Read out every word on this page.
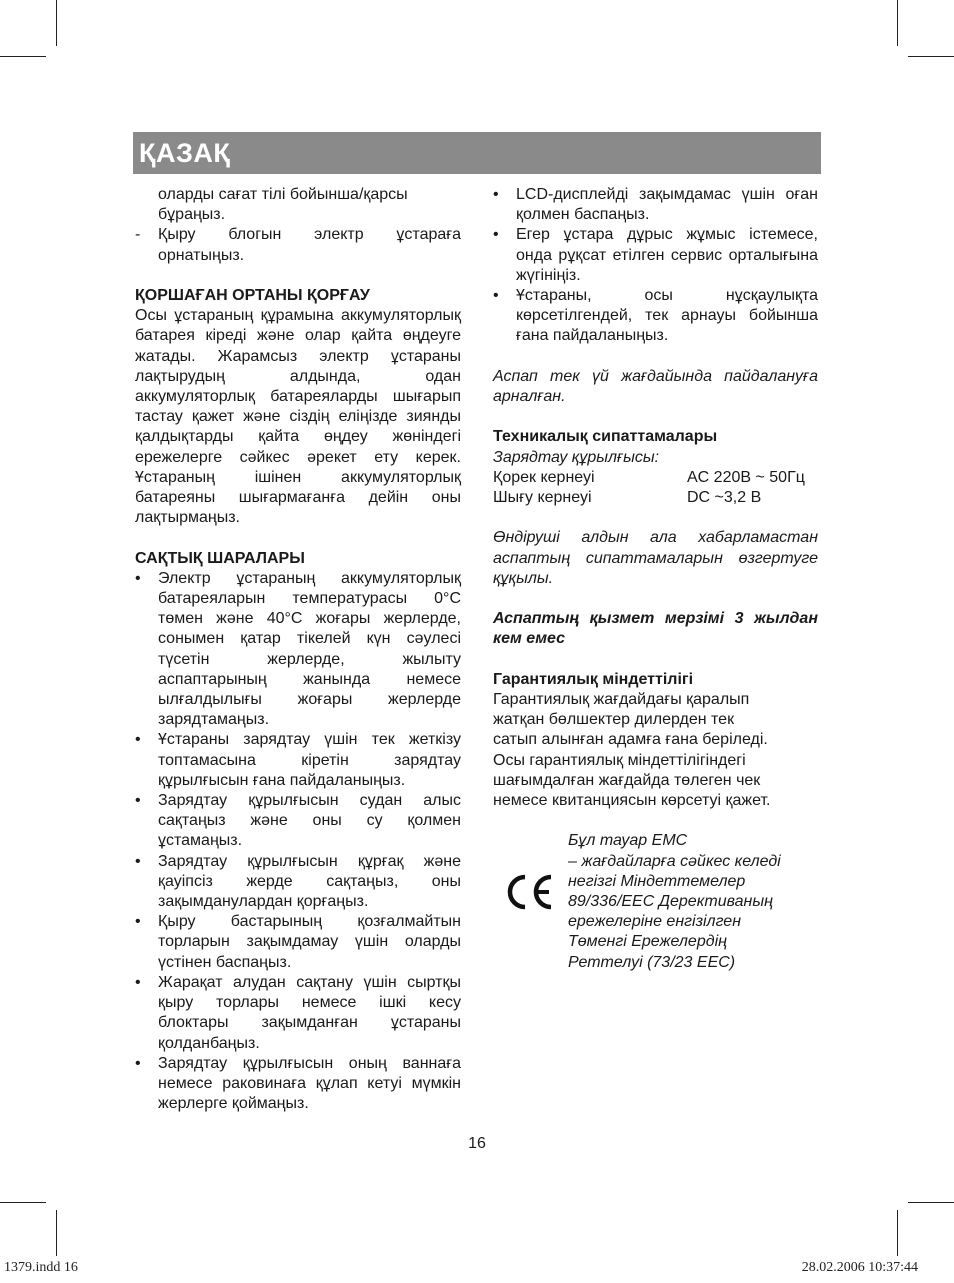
ҚАЗАҚ
оларды сағат тілі бойынша/қарсы
бұраңыз.
- Қыру блогын электр ұстараға орнатыңыз.

ҚОРШАҒАН ОРТАНЫ ҚОРҒАУ

Осы ұстараның құрамына аккумуляторлық батарея кіреді және олар қайта өңдеуге жатады. Жарамсыз электр ұстараны лақтырудың алдында, одан аккумуляторлық батареяларды шығарып тастау қажет және сіздің еліңізде зиянды қалдықтарды қайта өңдеу жөніндегі ережелерге сәйкес әрекет ету керек. Ұстараның ішінен аккумуляторлық батареяны шығармағанға дейін оны лақтырмаңыз.

САҚТЫҚ ШАРАЛАРЫ

• Электр ұстараның аккумуляторлық батареяларын температурасы 0°С төмен және 40°С жоғары жерлерде, сонымен қатар тікелей күн сәулесі түсетін жерлерде, жылыту аспаптарының жанында немесе ылғалдылығы жоғары жерлерде зарядтамаңыз.
• Ұстараны зарядтау үшін тек жеткізу топтамасына кіретін зарядтау құрылғысын ғана пайдаланыңыз.
• Зарядтау құрылғысын судан алыс сақтаңыз және оны су қолмен ұстамаңыз.
• Зарядтау құрылғысын құрғақ және қауіпсіз жерде сақтаңыз, оны зақымданулардан қорғаңыз.
• Қыру бастарының қозғалмайтын торларын зақымдамау үшін оларды үстінен баспаңыз.
• Жарақат алудан сақтану үшін сыртқы қыру торлары немесе ішкі кесу блоктары зақымданған ұстараны қолданбаңыз.
• Зарядтау құрылғысын оның ваннаға немесе раковинаға құлап кетуі мүмкін жерлерге қоймаңыз.
• LCD-дисплейді зақымдамас үшін оған қолмен баспаңыз.
• Егер ұстара дұрыс жұмыс істемесе, онда рұқсат етілген сервис орталығына жүгініңіз.
• Ұстараны, осы нұсқаулықта көрсетілгендей, тек арнауы бойынша ғана пайдаланыңыз.

Аспап тек үй жағдайында пайдалануға арналған.

Техникалық сипаттамалары

Зарядтау құрылғысы:

Қорек кернеуі	AC 220В ~ 50Гц
Шығу кернеуі	DC ~3,2 В

Өндіруші алдын ала хабарламастан аспаптың сипаттамаларын өзгертуге құқылы.

Аспаптың қызмет мерзімі 3 жылдан кем емес

Гарантиялық міндеттілігі

Гарантиялық жағдайдағы қаралып
жатқан бөлшектер дилерден тек
сатып алынған адамға ғана беріледі.
Осы гарантиялық міндеттілігіндегі
шағымдалған жағдайда төлеген чек
немесе квитанциясын көрсетуі қажет.
Бұл тауар EMC
– жағдайларға сәйкес келеді
негізгі Міндеттемелер
89/336/EEC Дерективаның
ережелеріне енгізілген
Төменгі Ережелердің
Реттелуі (73/23 EEC)
16
1379.indd 16	28.02.2006 10:37:44
